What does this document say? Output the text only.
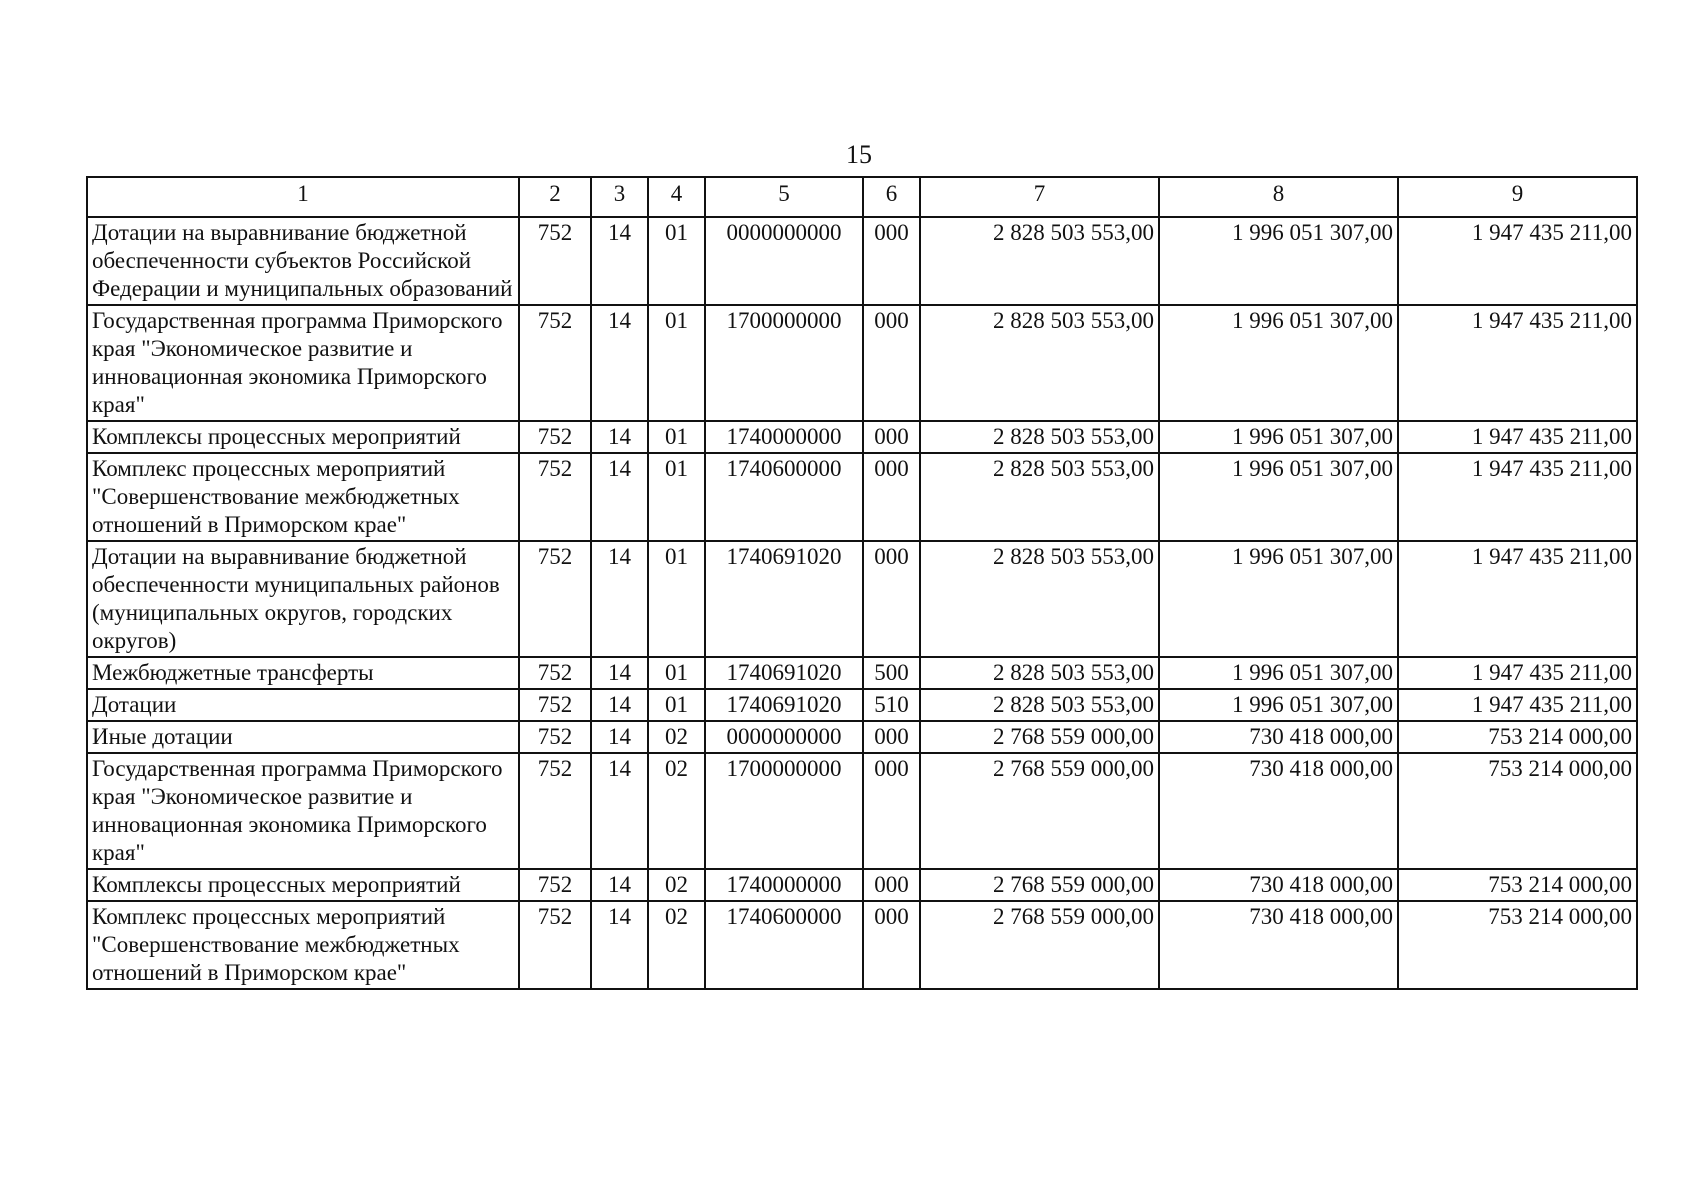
15
1	2	3	4	5	6	7	8	9
Дотации на выравнивание бюджетной обеспеченности субъектов Российской Федерации и муниципальных образований	752	14	01	0000000000	000	2 828 503 553,00	1 996 051 307,00	1 947 435 211,00
Государственная программа Приморского края "Экономическое развитие и инновационная экономика Приморского края"	752	14	01	1700000000	000	2 828 503 553,00	1 996 051 307,00	1 947 435 211,00
Комплексы процессных мероприятий	752	14	01	1740000000	000	2 828 503 553,00	1 996 051 307,00	1 947 435 211,00
Комплекс процессных мероприятий "Совершенствование межбюджетных отношений в Приморском крае"	752	14	01	1740600000	000	2 828 503 553,00	1 996 051 307,00	1 947 435 211,00
Дотации на выравнивание бюджетной обеспеченности муниципальных районов (муниципальных округов, городских округов)	752	14	01	1740691020	000	2 828 503 553,00	1 996 051 307,00	1 947 435 211,00
Межбюджетные трансферты	752	14	01	1740691020	500	2 828 503 553,00	1 996 051 307,00	1 947 435 211,00
Дотации	752	14	01	1740691020	510	2 828 503 553,00	1 996 051 307,00	1 947 435 211,00
Иные дотации	752	14	02	0000000000	000	2 768 559 000,00	730 418 000,00	753 214 000,00
Государственная программа Приморского края "Экономическое развитие и инновационная экономика Приморского края"	752	14	02	1700000000	000	2 768 559 000,00	730 418 000,00	753 214 000,00
Комплексы процессных мероприятий	752	14	02	1740000000	000	2 768 559 000,00	730 418 000,00	753 214 000,00
Комплекс процессных мероприятий "Совершенствование межбюджетных отношений в Приморском крае"	752	14	02	1740600000	000	2 768 559 000,00	730 418 000,00	753 214 000,00
